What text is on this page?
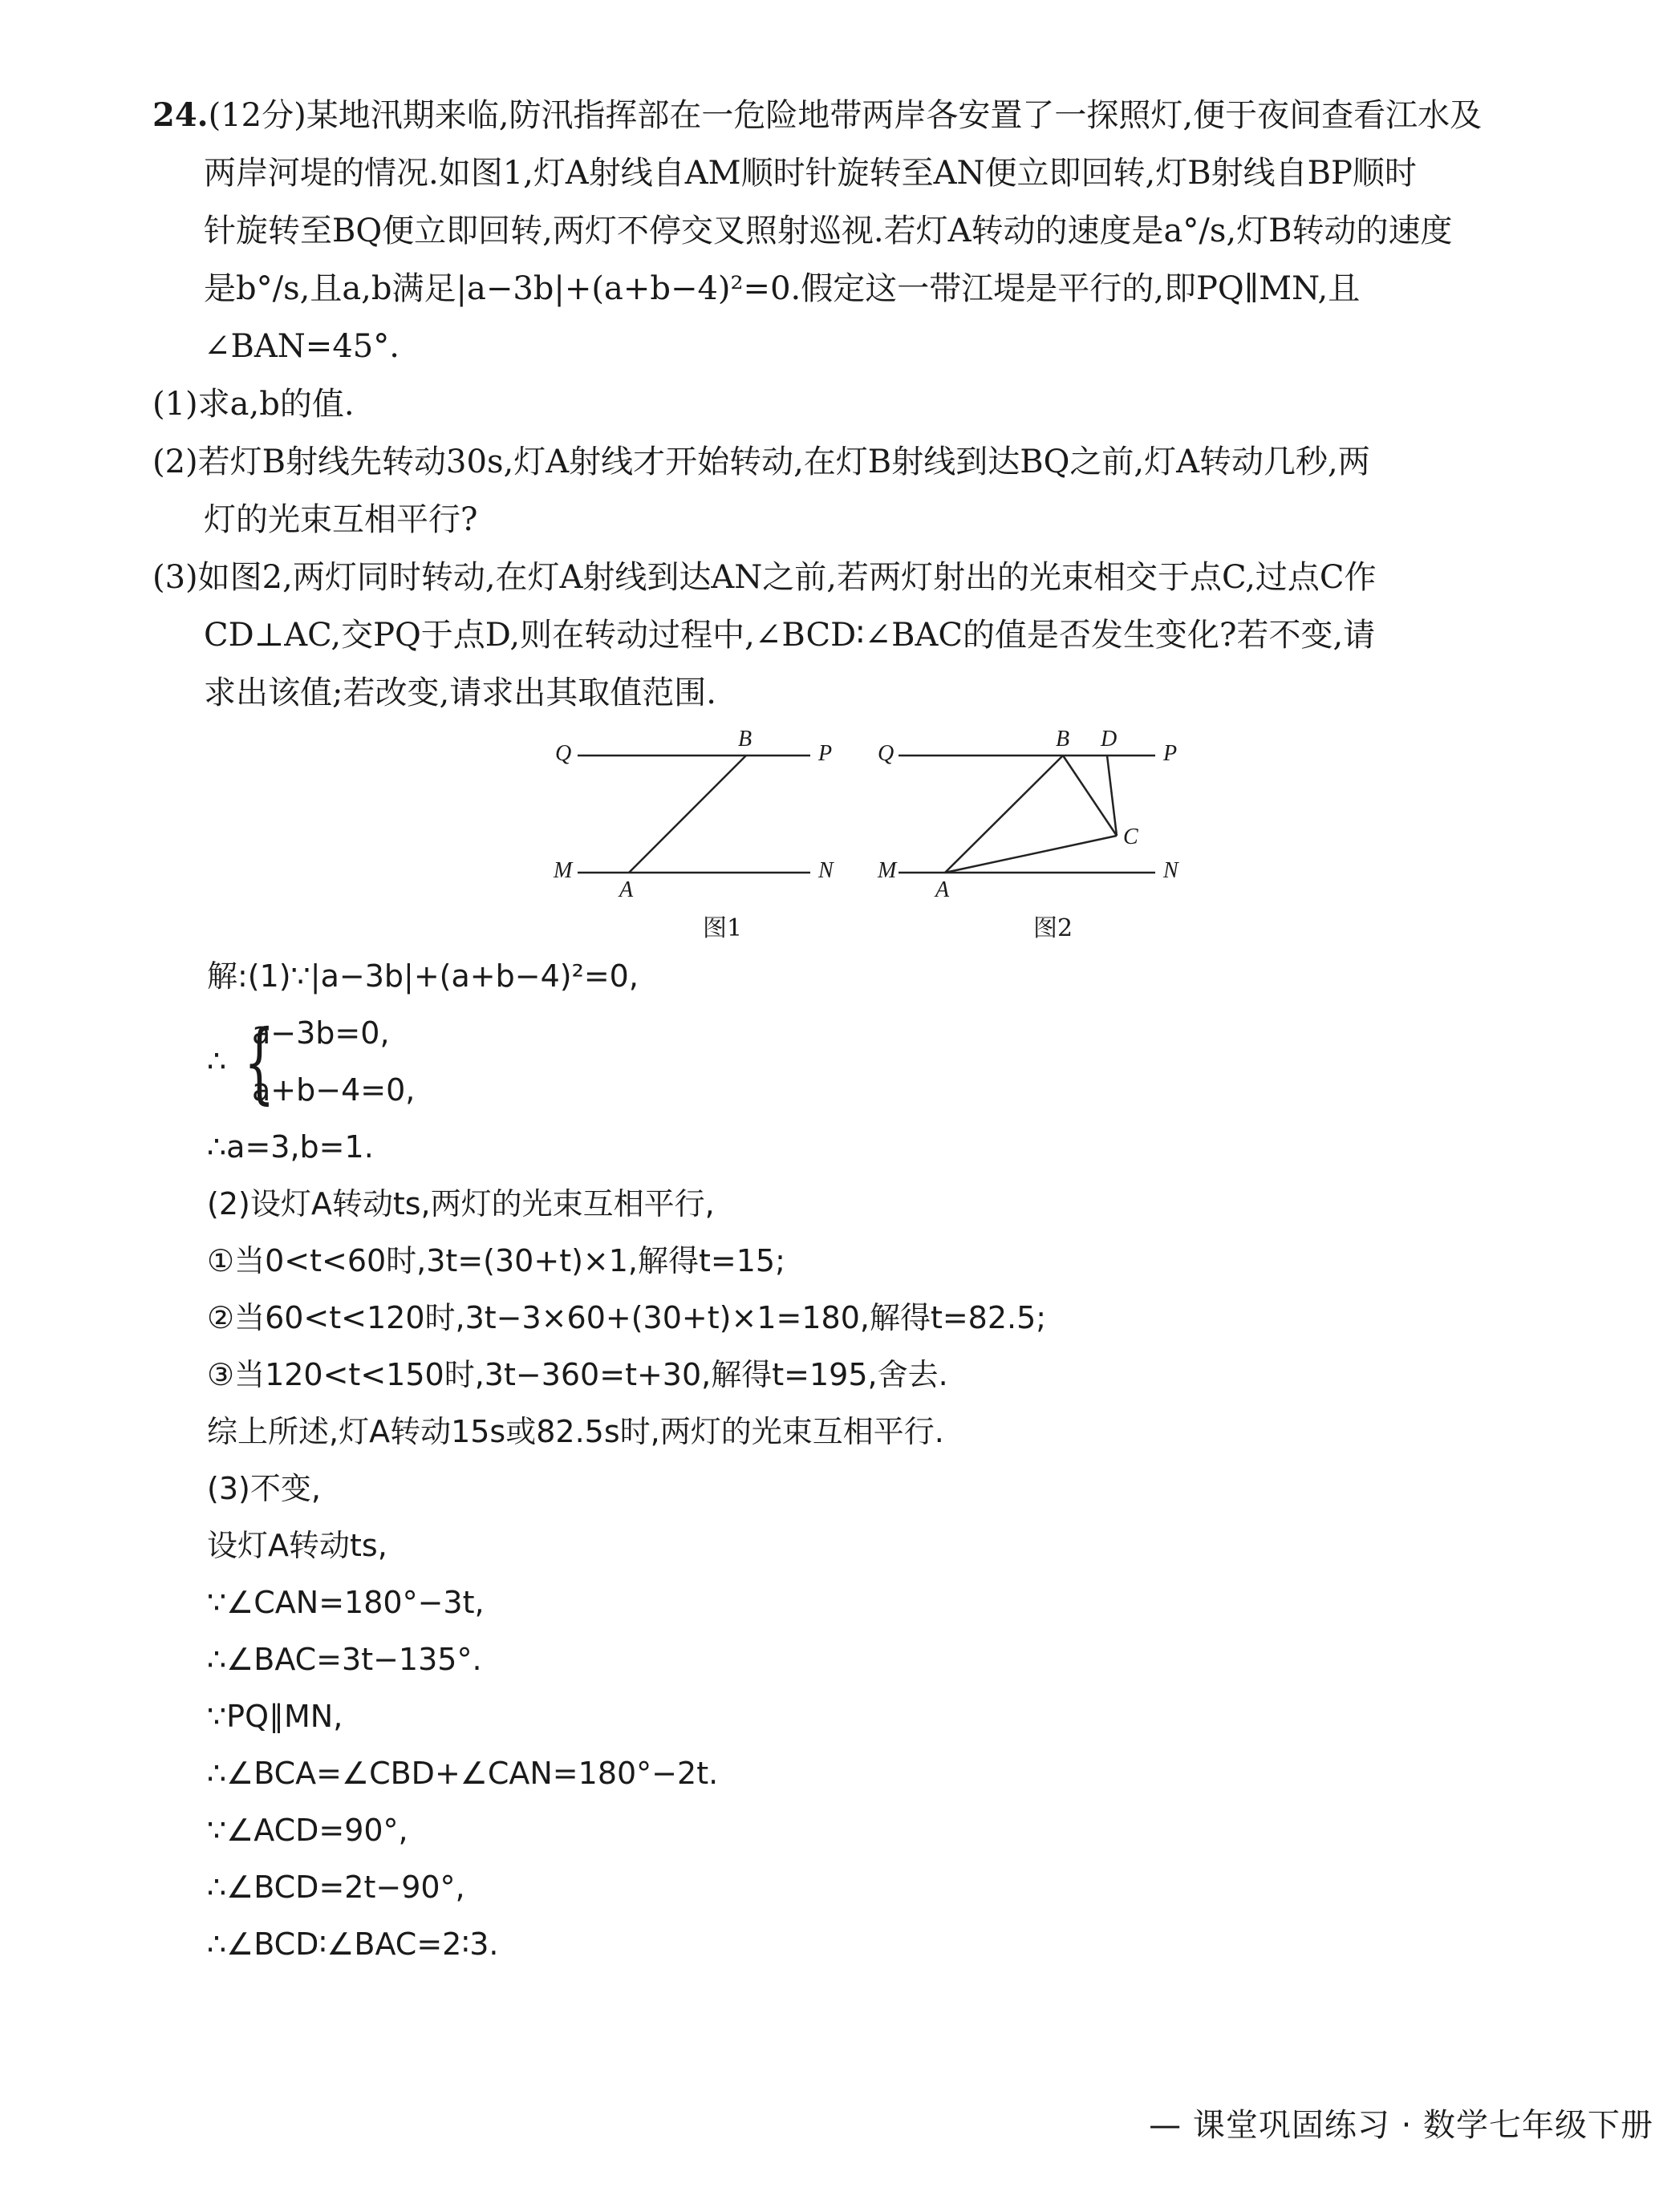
24.(12分)某地汛期来临,防汛指挥部在一危险地带两岸各安置了一探照灯,便于夜间查看江水及
两岸河堤的情况.如图1,灯A射线自AM顺时针旋转至AN便立即回转,灯B射线自BP顺时
针旋转至BQ便立即回转,两灯不停交叉照射巡视.若灯A转动的速度是a°/s,灯B转动的速度
是b°/s,且a,b满足|a−3b|+(a+b−4)²=0.假定这一带江堤是平行的,即PQ∥MN,且
∠BAN=45°.

(1)求a,b的值.

(2)若灯B射线先转动30s,灯A射线才开始转动,在灯B射线到达BQ之前,灯A转动几秒,两
灯的光束互相平行?

(3)如图2,两灯同时转动,在灯A射线到达AN之前,若两灯射出的光束相交于点C,过点C作
CD⊥AC,交PQ于点D,则在转动过程中,∠BCD∶∠BAC的值是否发生变化?若不变,请
求出该值;若改变,请求出其取值范围.

Q
B
P
M
A
N
图1
Q
B D
P
C
M
A
N
图2

解:(1)∵|a−3b|+(a+b−4)²=0,

∴ {
a−3b=0,
a+b−4=0,

∴a=3,b=1.

(2)设灯A转动ts,两灯的光束互相平行,

①当0<t<60时,3t=(30+t)×1,解得t=15;

②当60<t<120时,3t−3×60+(30+t)×1=180,解得t=82.5;

③当120<t<150时,3t−360=t+30,解得t=195,舍去.

综上所述,灯A转动15s或82.5s时,两灯的光束互相平行.

(3)不变,

设灯A转动ts,

∵∠CAN=180°−3t,

∴∠BAC=3t−135°.

∵PQ∥MN,

∴∠BCA=∠CBD+∠CAN=180°−2t.

∵∠ACD=90°,

∴∠BCD=2t−90°,

∴∠BCD∶∠BAC=2∶3.

— 课堂巩固练习 · 数学七年级下册
